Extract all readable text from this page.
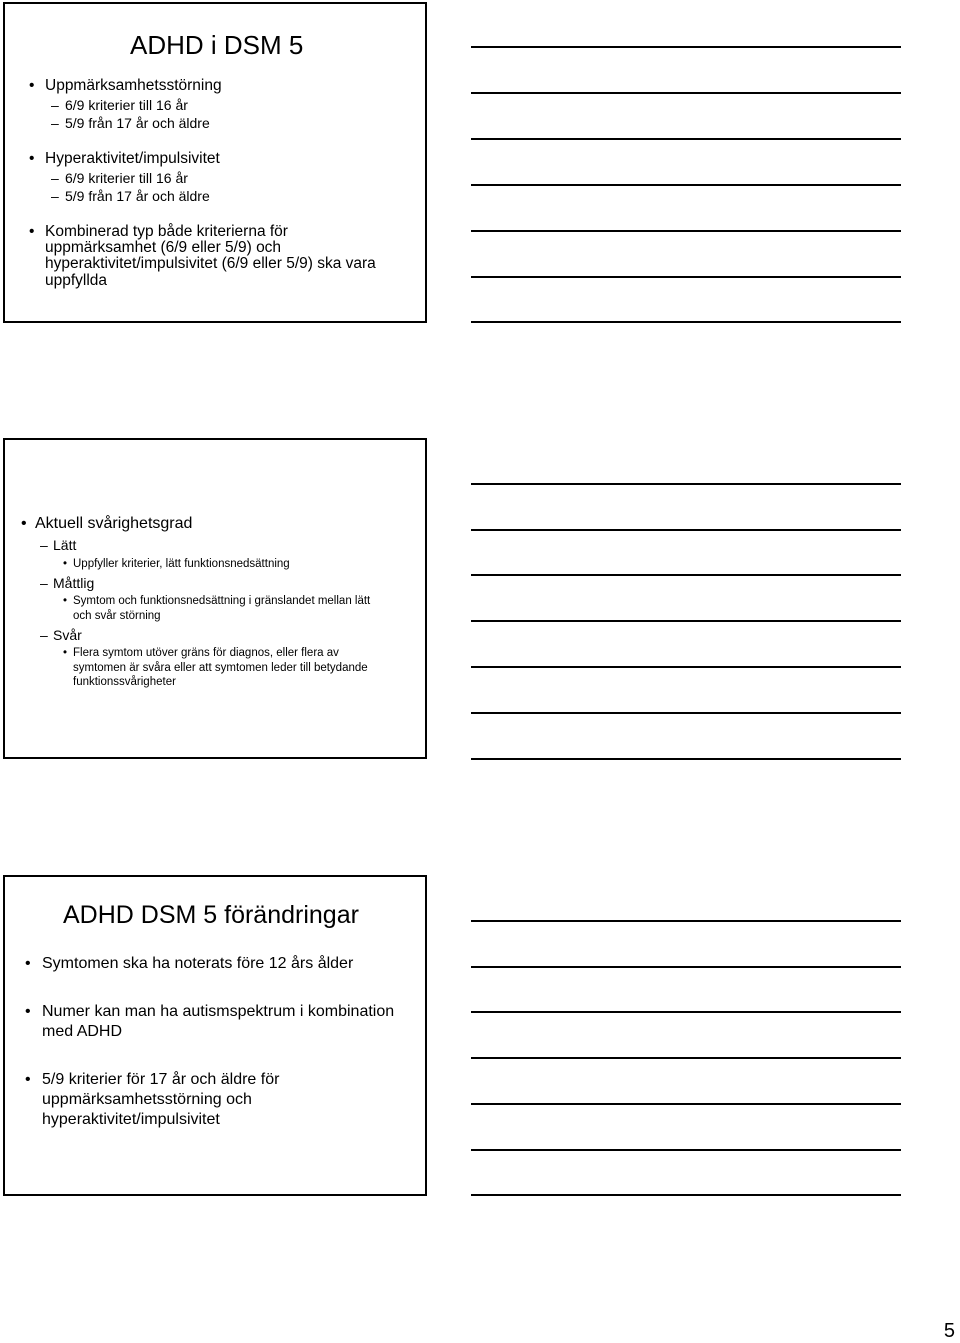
ADHD i DSM 5
• Uppmärksamhetsstörning
– 6/9 kriterier till 16 år
– 5/9 från 17 år och äldre
• Hyperaktivitet/impulsivitet
– 6/9 kriterier till 16 år
– 5/9 från 17 år och äldre
• Kombinerad typ både kriterierna för
uppmärksamhet (6/9 eller 5/9) och
hyperaktivitet/impulsivitet (6/9 eller 5/9) ska vara
uppfyllda
• Aktuell svårighetsgrad
– Lätt
• Uppfyller kriterier, lätt funktionsnedsättning
– Måttlig
• Symtom och funktionsnedsättning i gränslandet mellan lätt och svår störning
– Svår
• Flera symtom utöver gräns för diagnos, eller flera av symtomen är svåra eller att symtomen leder till betydande funktionssvårigheter
ADHD DSM 5 förändringar
• Symtomen ska ha noterats före 12 års ålder
• Numer kan man ha autismspektrum i kombination med ADHD
• 5/9 kriterier för 17 år och äldre för uppmärksamhetsstörning och hyperaktivitet/impulsivitet
5
